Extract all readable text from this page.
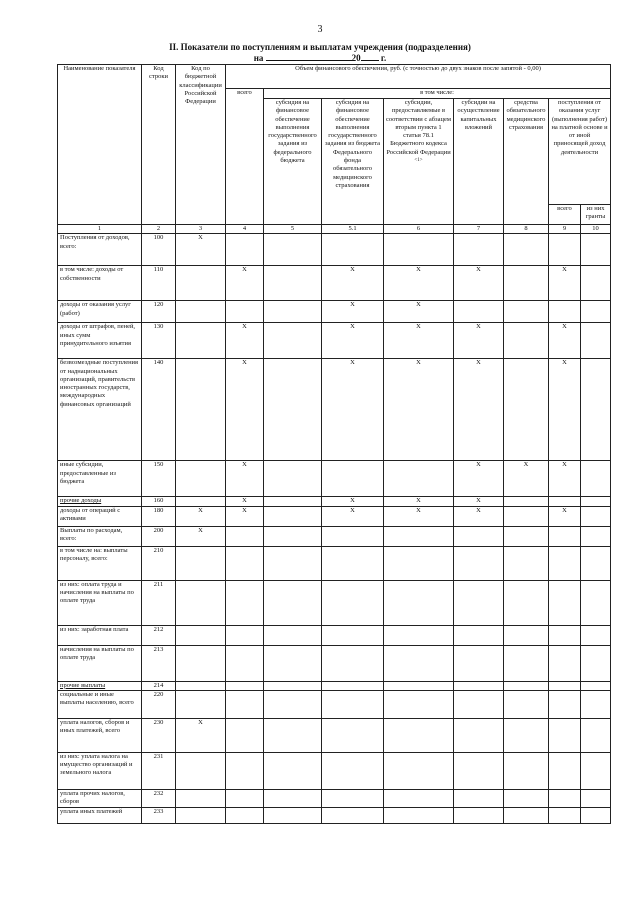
3
II. Показатели по поступлениям и выплатам учреждения (подразделения)
на	20 г.
Наименование показателя	Код строки	Код по бюджетной классификации Российской Федерации	Объем финансового обеспечения, руб. (с точностью до двух знаков после запятой - 0,00)							
			всего	в том числе:						
				субсидия на финансовое обеспечение выполнения государственного задания из федерального бюджета	субсидия на финансовое обеспечение выполнения государственного задания из бюджета Федерального фонда обязательного медицинского страхования	субсидии, предоставляемые в соответствии с абзацем вторым пункта 1 статьи 78.1 Бюджетного кодекса Российской Федерации $^{<1>}$	субсидии на осуществление капитальных вложений	средства обязательного медицинского страхования	поступления от оказания услуг (выполнения работ) на платной основе и от иной приносящей доход деятельности	
									всего	из них гранты
1	2	3	4	5	5.1	6	7	8	9	10
Поступления от доходов, всего:	100	X								
в том числе: доходы от собственности	110		X		X	X	X		X	
доходы от оказания услуг (работ)	120				X	X				
доходы от штрафов, пеней, иных сумм принудительного изъятия	130		X		X	X	X		X	
безвозмездные поступления от наднациональных организаций, правительств иностранных государств, международных финансовых организаций	140		X		X	X	X		X	
иные субсидии, предоставленные из бюджета	150		X				X	X	X	
прочие доходы	160		X		X	X	X			
доходы от операций с активами	180	X	X		X	X	X		X	
Выплаты по расходам, всего:	200	X								
в том числе на: выплаты персоналу, всего:	210									
из них: оплата труда и начисления на выплаты по оплате труда	211									
из них: заработная плата	212									
начисления на выплаты по оплате труда	213									
прочие выплаты	214									
социальные и иные выплаты населению, всего	220									
уплата налогов, сборов и иных платежей, всего	230	X								
из них: уплата налога на имущество организаций и земельного налога	231									
уплата прочих налогов, сборов	232									
уплата иных платежей	233									
